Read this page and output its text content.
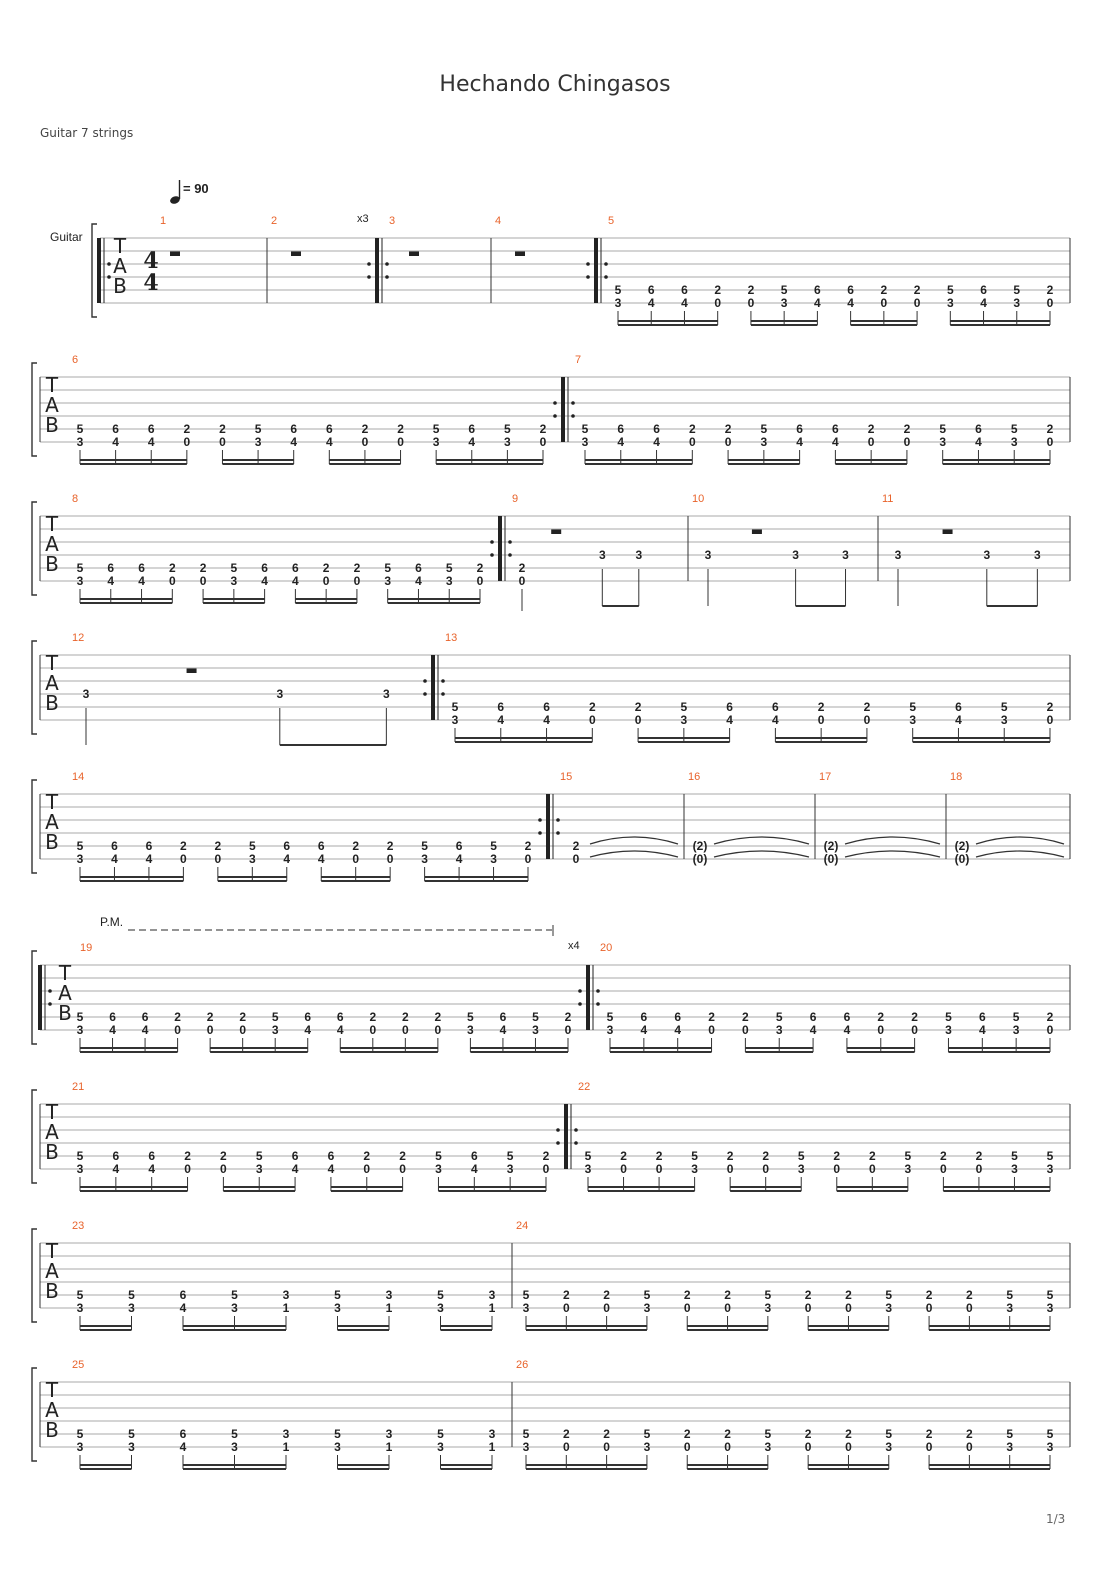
Hechando Chingasos
Guitar 7 strings
= 90
Guitar
P.M.
T
A
B
4
4
1	2	3
x3	4	5
5
3
6
4
6
4
2
0
2
0
5
3
6
4
6
4
2
0
2
0
5
3
6
4
5
3
2
0
T
A
B
6
5
3
6
4
6
4
2
0
2
0
5
3
6
4
6
4
2
0
2
0
5
3
6
4
5
3
2
0
7
5
3
6
4
6
4
2
0
2
0
5
3
6
4
6
4
2
0
2
0
5
3
6
4
5
3
2
0
T
A
B
8
5
3
6
4
6
4
2
0
2
0
5
3
6
4
6
4
2
0
2
0
5
3
6
4
5
3
2
0
9
2
0
3 3
10
3	3	3
11
3	3	3
T
A
B
12
3	3	3
13
5
3
6
4
6
4
2
0
2
0
5
3
6
4
6
4
2
0
2
0
5
3
6
4
5
3
2
0
T
A
B
14
5
3
6
4
6
4
2
0
2
0
5
3
6
4
6
4
2
0
2
0
5
3
6
4
5
3
2
0
15
2
0
16
(2)
(0)
17
(2)
(0)
18
(2)
(0)
T
A
B
19
5
3
6
4
6
4
2
0
2
0
2
0
5
3
6
4
6
4
2
0
2
0
2
0
5
3
6
4
5
3
2
0
20
x4
5
3
6
4
6
4
2
0
2
0
5
3
6
4
6
4
2
0
2
0
5
3
6
4
5
3
2
0
T
A
B
21
5
3
6
4
6
4
2
0
2
0
5
3
6
4
6
4
2
0
2
0
5
3
6
4
5
3
2
0
22
5
3
2
0
2
0
5
3
2
0
2
0
5
3
2
0
2
0
5
3
2
0
2
0
5
3
5
3
T
A
B
23
5
3
5
3
6
4
5
3
3
1
5
3
3
1
5
3
3
1
24
5
3
2
0
2
0
5
3
2
0
2
0
5
3
2
0
2
0
5
3
2
0
2
0
5
3
5
3
T
A
B
25
5
3
5
3
6
4
5
3
3
1
5
3
3
1
5
3
3
1
26
5
3
2
0
2
0
5
3
2
0
2
0
5
3
2
0
2
0
5
3
2
0
2
0
5
3
5
3
1/3
